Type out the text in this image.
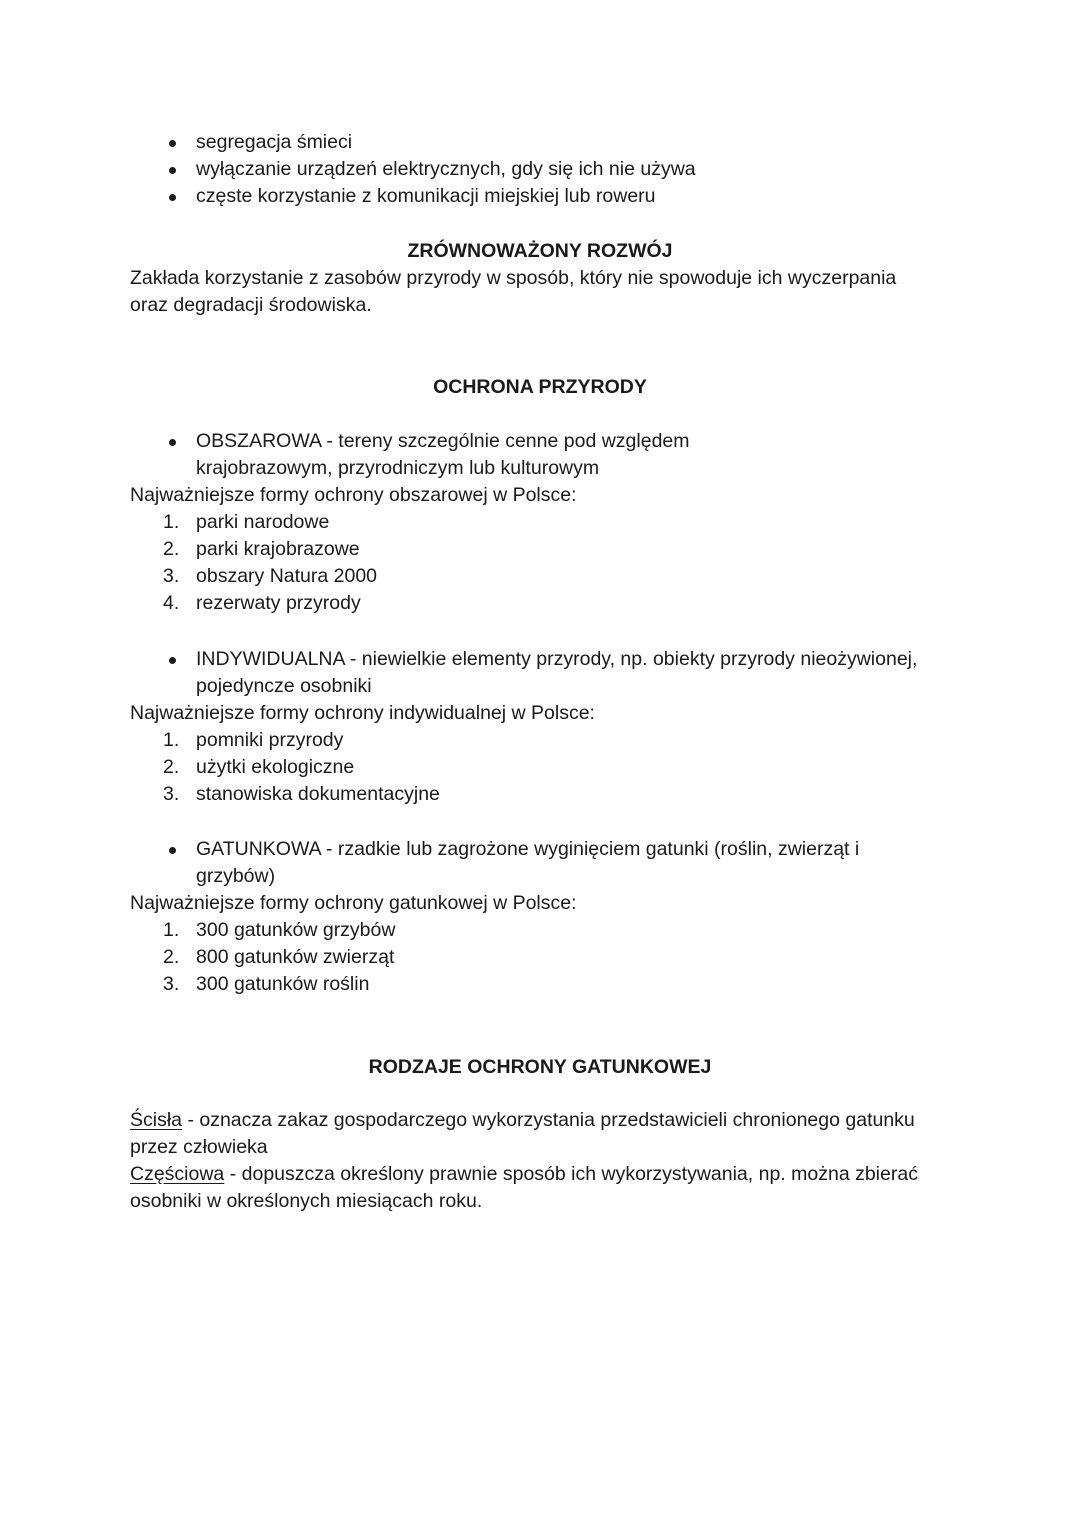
segregacja śmieci
wyłączanie urządzeń elektrycznych, gdy się ich nie używa
częste korzystanie z komunikacji miejskiej lub roweru
ZRÓWNOWAŻONY ROZWÓJ

Zakłada korzystanie z zasobów przyrody w sposób, który nie spowoduje ich wyczerpania oraz degradacji środowiska.

OCHRONA PRZYRODY
OBSZAROWA - tereny szczególnie cenne pod względem krajobrazowym, przyrodniczym lub kulturowym

Najważniejsze formy ochrony obszarowej w Polsce:

1. parki narodowe
2. parki krajobrazowe
3. obszary Natura 2000
4. rezerwaty przyrody
INDYWIDUALNA - niewielkie elementy przyrody, np. obiekty przyrody nieożywionej, pojedyncze osobniki

Najważniejsze formy ochrony indywidualnej w Polsce:

1. pomniki przyrody
2. użytki ekologiczne
3. stanowiska dokumentacyjne
GATUNKOWA - rzadkie lub zagrożone wyginięciem gatunki (roślin, zwierząt i grzybów)

Najważniejsze formy ochrony gatunkowej w Polsce:

1. 300 gatunków grzybów
2. 800 gatunków zwierząt
3. 300 gatunków roślin
RODZAJE OCHRONY GATUNKOWEJ

Ścisła - oznacza zakaz gospodarczego wykorzystania przedstawicieli chronionego gatunku przez człowieka

Częściowa - dopuszcza określony prawnie sposób ich wykorzystywania, np. można zbierać osobniki w określonych miesiącach roku.
